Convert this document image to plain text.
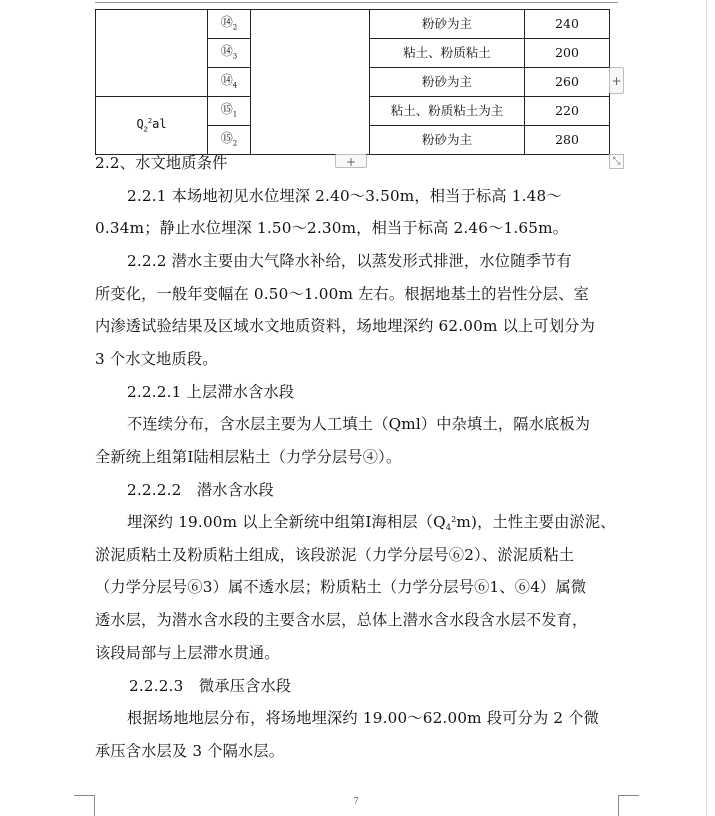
	$⑭_2$		粉砂为主	240
	$⑭_3$		粘土、粉质粘土	200
	$⑭_4$		粉砂为主	260
$Q_2^2al$	$⑮_1$		粘土、粉质粘土为主	220
	$⑮_2$		粉砂为主	280
+
+	⤡
2.2、水文地质条件
2.2.1 本场地初见水位埋深 2.40～3.50m，相当于标高 1.48～
0.34m；静止水位埋深 1.50～2.30m，相当于标高 2.46～1.65m。
2.2.2 潜水主要由大气降水补给，以蒸发形式排泄，水位随季节有
所变化，一般年变幅在 0.50～1.00m 左右。根据地基土的岩性分层、室
内渗透试验结果及区域水文地质资料，场地埋深约 62.00m 以上可划分为
3 个水文地质段。
2.2.2.1 上层滞水含水段
不连续分布，含水层主要为人工填土（Qml）中杂填土，隔水底板为
全新统上组第Ⅰ陆相层粘土（力学分层号④）。
2.2.2.2　潜水含水段
埋深约 19.00m 以上全新统中组第Ⅰ海相层$(Q4^2m)$，土性主要由淤泥、
淤泥质粘土及粉质粘土组成，该段淤泥（力学分层号⑥2）、淤泥质粘土
（力学分层号⑥3）属不透水层；粉质粘土（力学分层号⑥1、⑥4）属微
透水层，为潜水含水段的主要含水层，总体上潜水含水段含水层不发育，
该段局部与上层滞水贯通。
2.2.2.3　微承压含水段
根据场地地层分布，将场地埋深约 19.00～62.00m 段可分为 2 个微
承压含水层及 3 个隔水层。
7
